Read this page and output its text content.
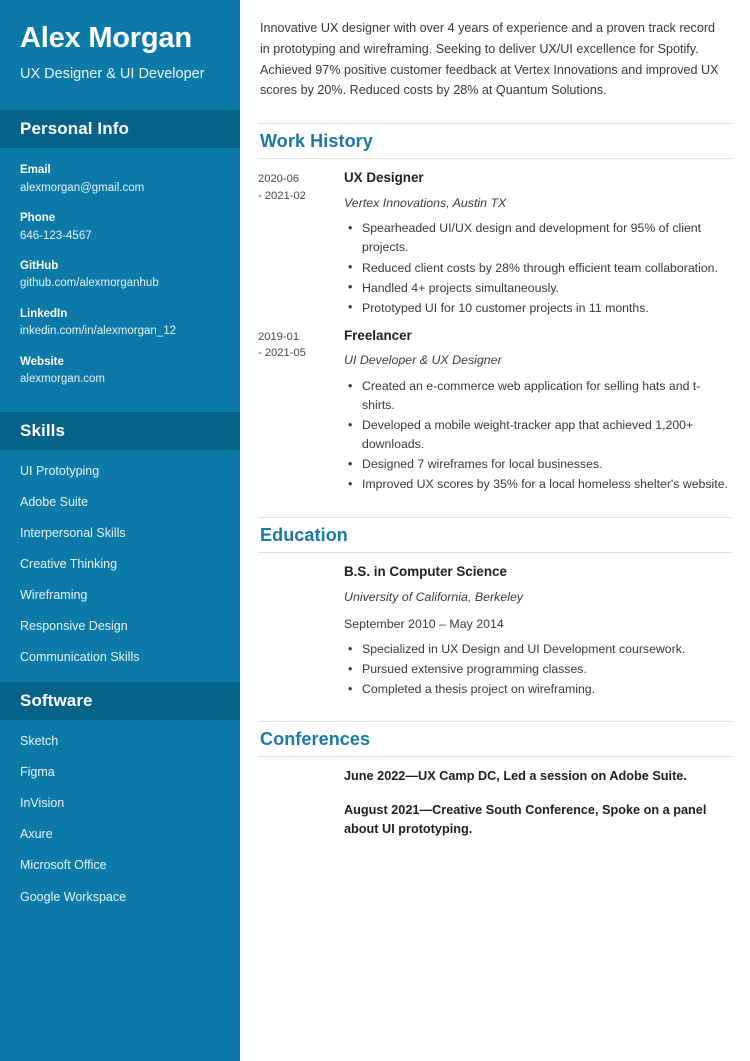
Alex Morgan
UX Designer & UI Developer
Personal Info
Email
alexmorgan@gmail.com
Phone
646-123-4567
GitHub
github.com/alexmorganhub
LinkedIn
inkedin.com/in/alexmorgan_12
Website
alexmorgan.com
Skills
UI Prototyping
Adobe Suite
Interpersonal Skills
Creative Thinking
Wireframing
Responsive Design
Communication Skills
Software
Sketch
Figma
InVision
Axure
Microsoft Office
Google Workspace

Innovative UX designer with over 4 years of experience and a proven track record in prototyping and wireframing. Seeking to deliver UX/UI excellence for Spotify. Achieved 97% positive customer feedback at Vertex Innovations and improved UX scores by 20%. Reduced costs by 28% at Quantum Solutions.

Work History
2020-06
- 2021-02
UX Designer
Vertex Innovations, Austin TX
• Spearheaded UI/UX design and development for 95% of client projects.
• Reduced client costs by 28% through efficient team collaboration.
• Handled 4+ projects simultaneously.
• Prototyped UI for 10 customer projects in 11 months.
2019-01
- 2021-05
Freelancer
UI Developer & UX Designer
• Created an e-commerce web application for selling hats and t-shirts.
• Developed a mobile weight-tracker app that achieved 1,200+ downloads.
• Designed 7 wireframes for local businesses.
• Improved UX scores by 35% for a local homeless shelter's website.
Education
B.S. in Computer Science
University of California, Berkeley
September 2010 – May 2014
• Specialized in UX Design and UI Development coursework.
• Pursued extensive programming classes.
• Completed a thesis project on wireframing.
Conferences
June 2022—UX Camp DC, Led a session on Adobe Suite.
August 2021—Creative South Conference, Spoke on a panel about UI prototyping.
